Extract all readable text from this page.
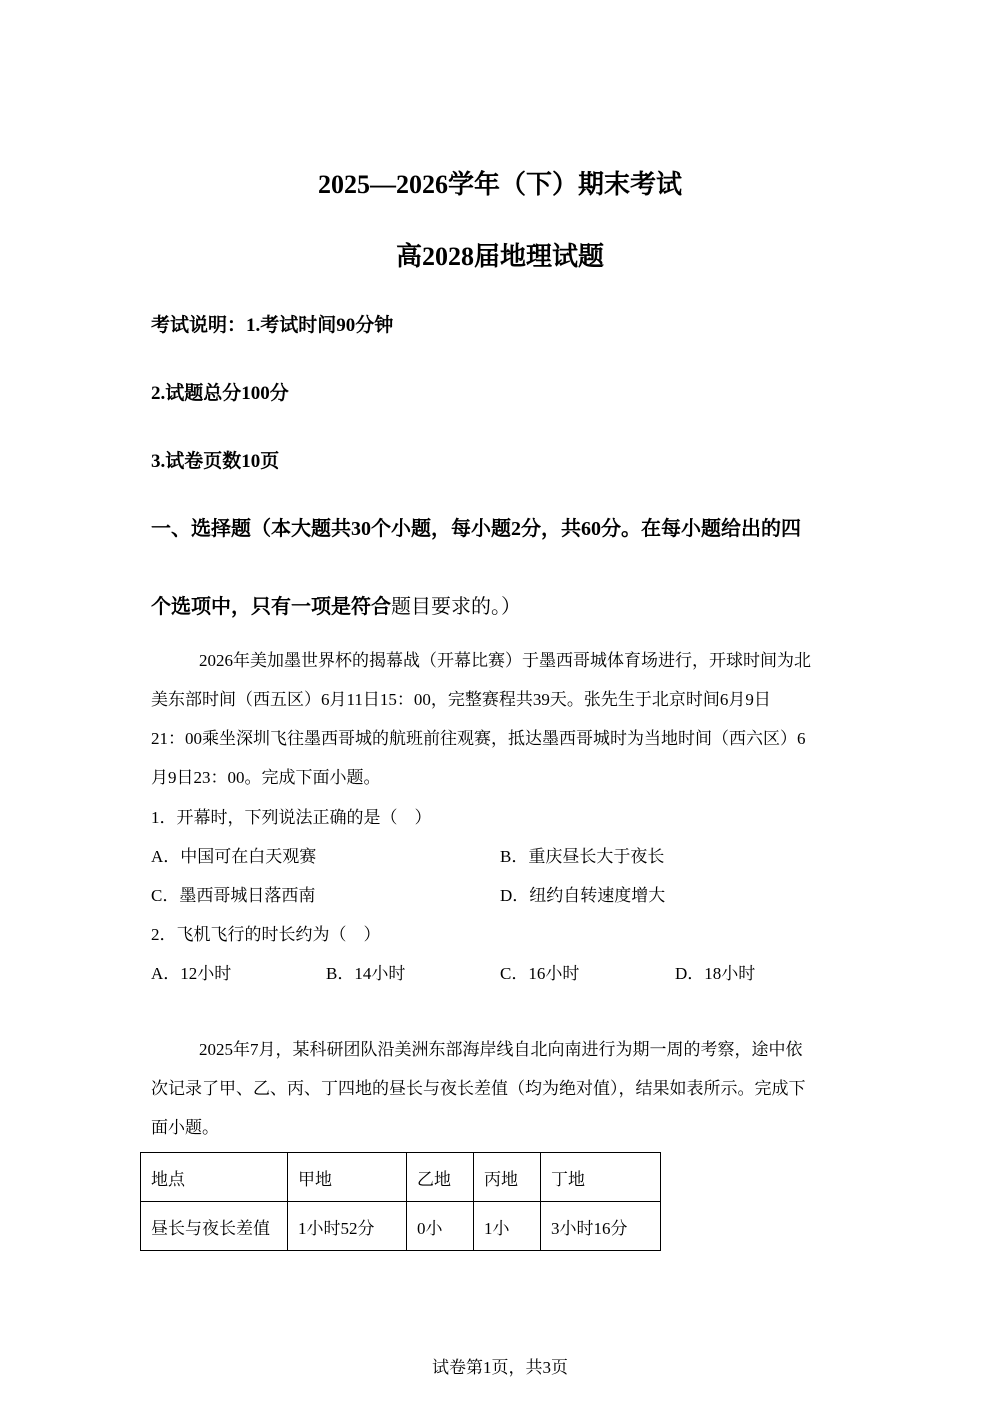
2025—2026学年（下）期末考试
高2028届地理试题
考试说明：1.考试时间90分钟
2.试题总分100分
3.试卷页数10页
一、选择题（本大题共30个小题，每小题2分，共60分。在每小题给出的四
个选项中，只有一项是符合题目要求的。）
2026年美加墨世界杯的揭幕战（开幕比赛）于墨西哥城体育场进行，开球时间为北
美东部时间（西五区）6月11日15：00，完整赛程共39天。张先生于北京时间6月9日
21：00乘坐深圳飞往墨西哥城的航班前往观赛，抵达墨西哥城时为当地时间（西六区）6
月9日23：00。完成下面小题。
1．开幕时，下列说法正确的是（　）
A．中国可在白天观赛	B．重庆昼长大于夜长
C．墨西哥城日落西南	D．纽约自转速度增大
2．飞机飞行的时长约为（　）
A．12小时	B．14小时	C．16小时	D．18小时
2025年7月，某科研团队沿美洲东部海岸线自北向南进行为期一周的考察，途中依
次记录了甲、乙、丙、丁四地的昼长与夜长差值（均为绝对值），结果如表所示。完成下
面小题。
地点	甲地	乙地	丙地	丁地
昼长与夜长差值	1小时52分	0小	1小	3小时16分
试卷第1页，共3页
